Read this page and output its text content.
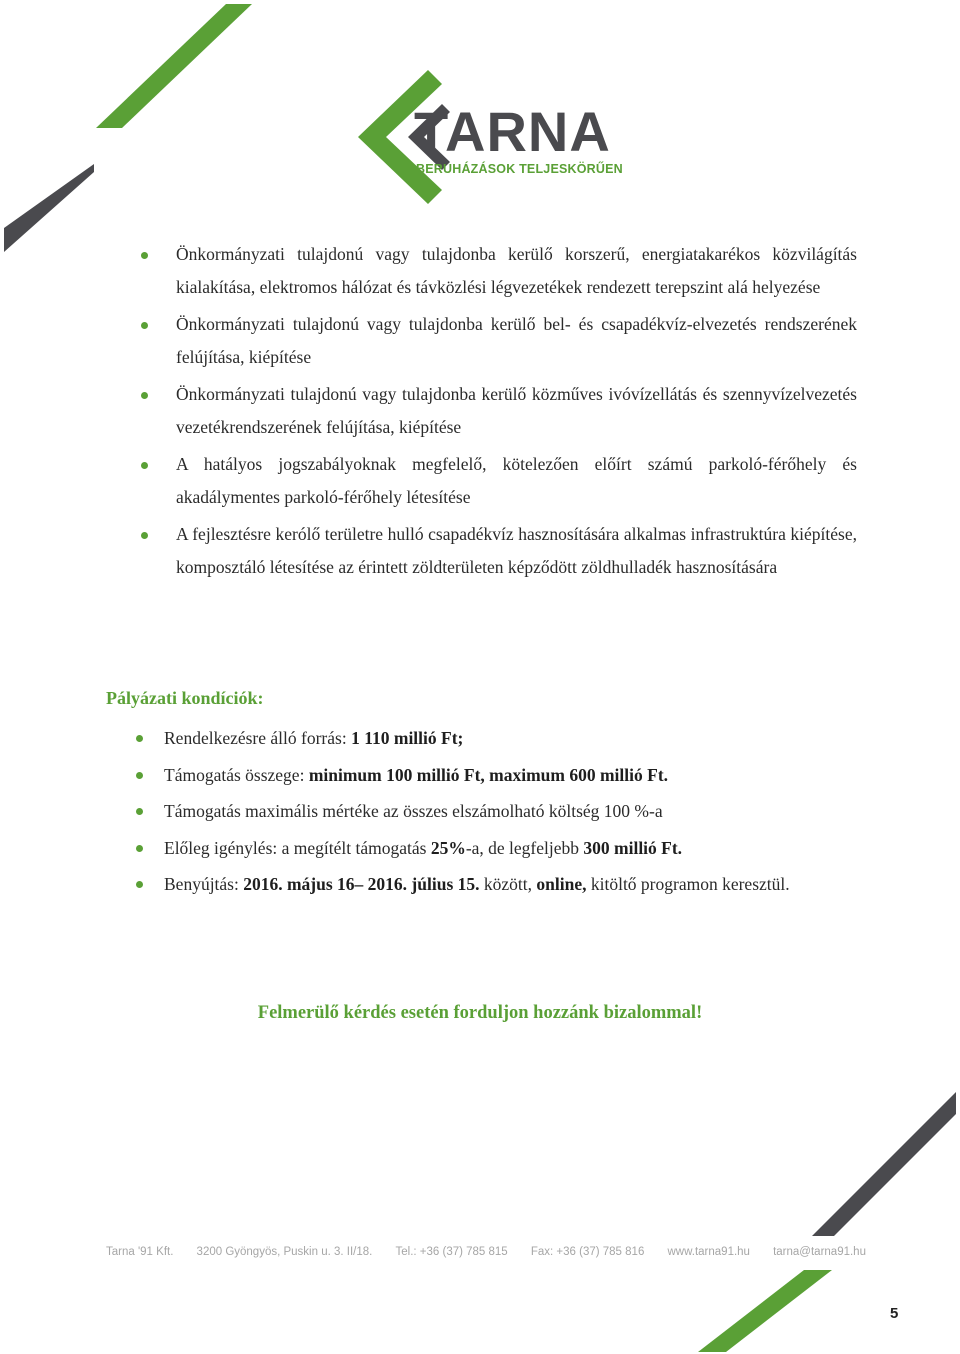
TARNA
BERUHÁZÁSOK TELJESKÖRŰEN
Önkormányzati tulajdonú vagy tulajdonba kerülő korszerű, energiatakarékos közvilágítás kialakítása, elektromos hálózat és távközlési légvezetékek rendezett terepszint alá helyezése
Önkormányzati tulajdonú vagy tulajdonba kerülő bel- és csapadékvíz-elvezetés rendszerének felújítása, kiépítése
Önkormányzati tulajdonú vagy tulajdonba kerülő közműves ivóvízellátás és szennyvízelvezetés vezetékrendszerének felújítása, kiépítése
A hatályos jogszabályoknak megfelelő, kötelezően előírt számú parkoló-férőhely és akadálymentes parkoló-férőhely létesítése
A fejlesztésre kerólő területre hulló csapadékvíz hasznosítására alkalmas infrastruktúra kiépítése, komposztáló létesítése az érintett zöldterületen képződött zöldhulladék hasznosítására
Pályázati kondíciók:
Rendelkezésre álló forrás: 1 110 millió Ft;
Támogatás összege: minimum 100 millió Ft, maximum 600 millió Ft.
Támogatás maximális mértéke az összes elszámolható költség 100 %-a
Előleg igénylés: a megítélt támogatás 25%-a, de legfeljebb 300 millió Ft.
Benyújtás: 2016. május 16– 2016. július 15. között, online, kitöltő programon keresztül.

Felmerülő kérdés esetén forduljon hozzánk bizalommal!

Tarna '91 Kft. 3200 Gyöngyös, Puskin u. 3. II/18. Tel.: +36 (37) 785 815 Fax: +36 (37) 785 816 www.tarna91.hu tarna@tarna91.hu
5
